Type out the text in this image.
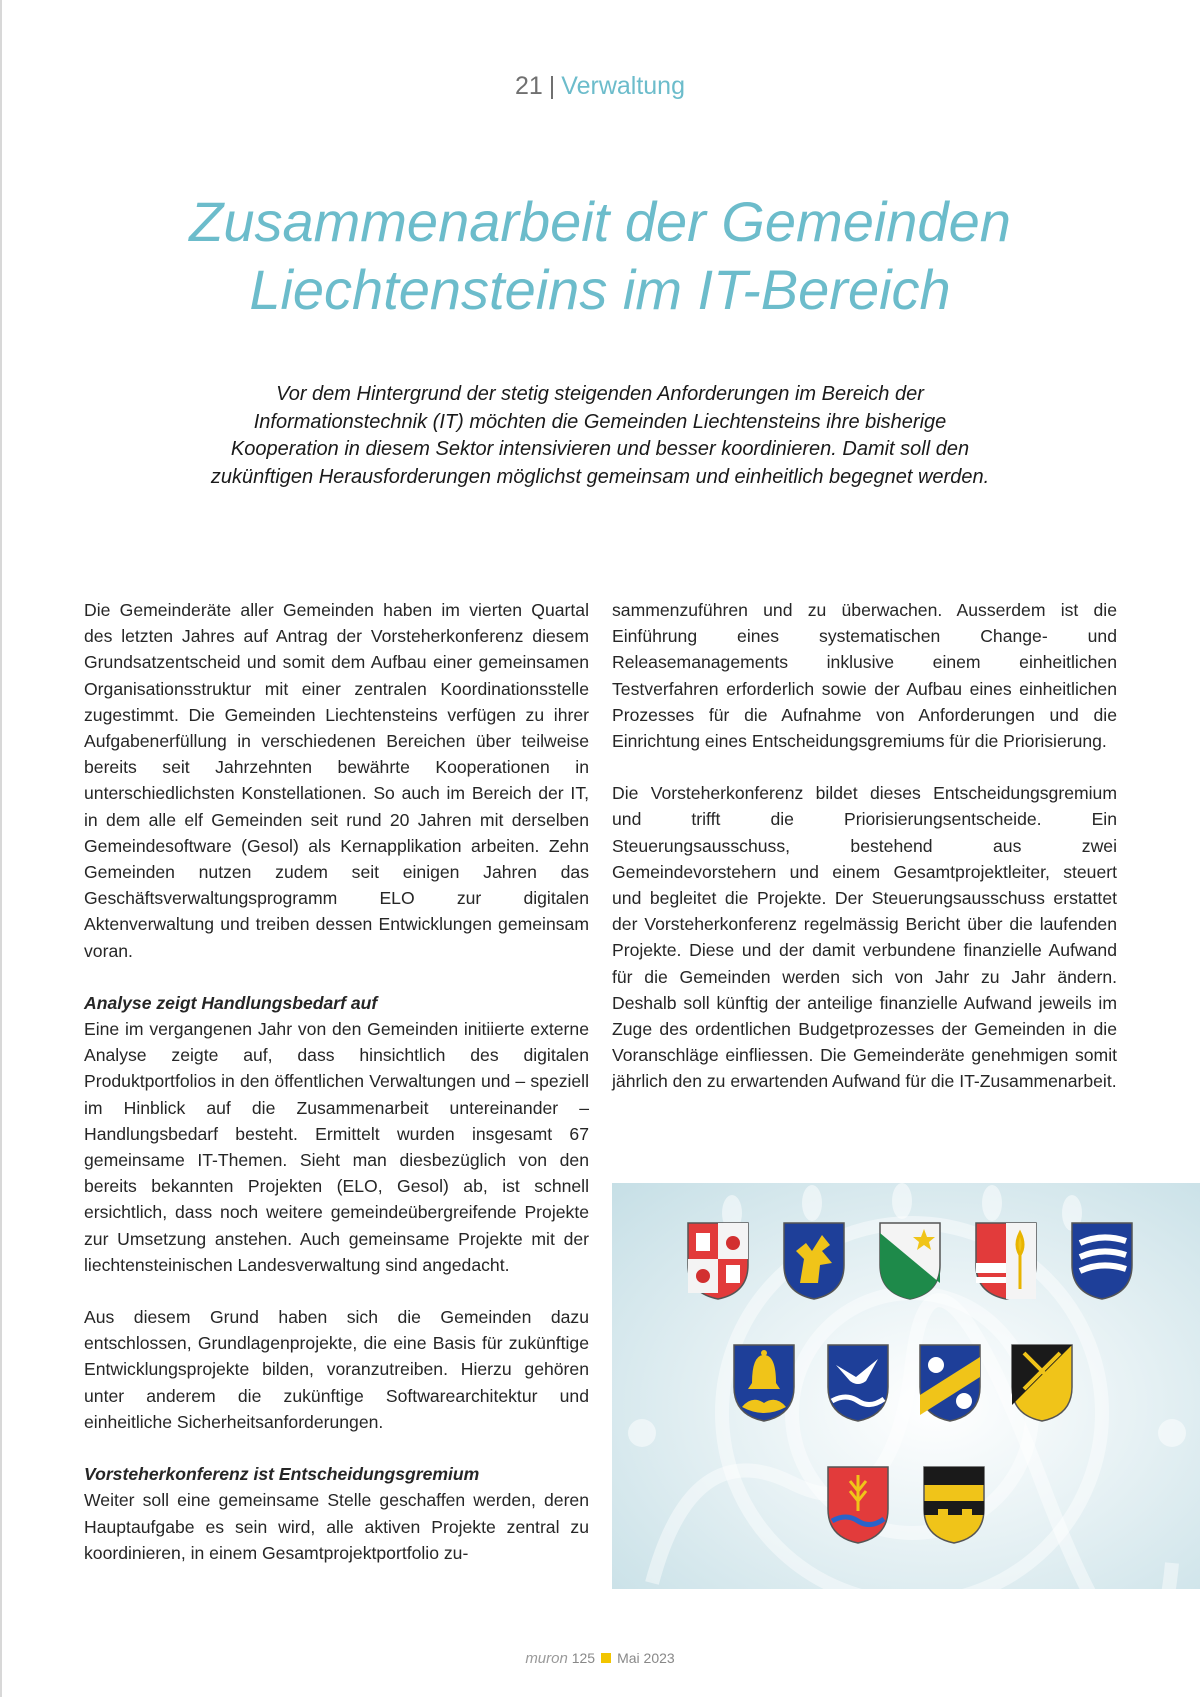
21 | Verwaltung
Zusammenarbeit der Gemeinden
Liechtensteins im IT-Bereich
Vor dem Hintergrund der stetig steigenden Anforderungen im Bereich der Informationstechnik (IT) möchten die Gemeinden Liechtensteins ihre bisherige Kooperation in diesem Sektor intensivieren und besser koordinieren. Damit soll den zukünftigen Herausforderungen möglichst gemeinsam und einheitlich begegnet werden.

Die Gemeinderäte aller Gemeinden haben im vierten Quartal des letzten Jahres auf Antrag der Vorsteherkonferenz diesem Grundsatzentscheid und somit dem Aufbau einer gemeinsamen Organisationsstruktur mit einer zentralen Koordinationsstelle zugestimmt. Die Gemeinden Liechtensteins verfügen zu ihrer Aufgabenerfüllung in verschiedenen Bereichen über teilweise bereits seit Jahrzehnten bewährte Kooperationen in unterschiedlichsten Konstellationen. So auch im Bereich der IT, in dem alle elf Gemeinden seit rund 20 Jahren mit derselben Gemeindesoftware (Gesol) als Kernapplikation arbeiten. Zehn Gemeinden nutzen zudem seit einigen Jahren das Geschäftsverwaltungsprogramm ELO zur digitalen Aktenverwaltung und treiben dessen Entwicklungen gemeinsam voran.

Analyse zeigt Handlungsbedarf auf

Eine im vergangenen Jahr von den Gemeinden initiierte externe Analyse zeigte auf, dass hinsichtlich des digitalen Produktportfolios in den öffentlichen Verwaltungen und – speziell im Hinblick auf die Zusammenarbeit untereinander – Handlungsbedarf besteht. Ermittelt wurden insgesamt 67 gemeinsame IT-Themen. Sieht man diesbezüglich von den bereits bekannten Projekten (ELO, Gesol) ab, ist schnell ersichtlich, dass noch weitere gemeindeübergreifende Projekte zur Umsetzung anstehen. Auch gemeinsame Projekte mit der liechtensteinischen Landesverwaltung sind angedacht.

Aus diesem Grund haben sich die Gemeinden dazu entschlossen, Grundlagenprojekte, die eine Basis für zukünftige Entwicklungsprojekte bilden, voranzutreiben. Hierzu gehören unter anderem die zukünftige Softwarearchitektur und einheitliche Sicherheitsanforderungen.

Vorsteherkonferenz ist Entscheidungsgremium

Weiter soll eine gemeinsame Stelle geschaffen werden, deren Hauptaufgabe es sein wird, alle aktiven Projekte zentral zu koordinieren, in einem Gesamtprojektportfolio zu-

sammenzuführen und zu überwachen. Ausserdem ist die Einführung eines systematischen Change- und Releasemanagements inklusive einem einheitlichen Testverfahren erforderlich sowie der Aufbau eines einheitlichen Prozesses für die Aufnahme von Anforderungen und die Einrichtung eines Entscheidungsgremiums für die Priorisierung.

Die Vorsteherkonferenz bildet dieses Entscheidungsgremium und trifft die Priorisierungsentscheide. Ein Steuerungsausschuss, bestehend aus zwei Gemeindevorstehern und einem Gesamtprojektleiter, steuert und begleitet die Projekte. Der Steuerungsausschuss erstattet der Vorsteherkonferenz regelmässig Bericht über die laufenden Projekte. Diese und der damit verbundene finanzielle Aufwand für die Gemeinden werden sich von Jahr zu Jahr ändern. Deshalb soll künftig der anteilige finanzielle Aufwand jeweils im Zuge des ordentlichen Budgetprozesses der Gemeinden in die Voranschläge einfliessen. Die Gemeinderäte genehmigen somit jährlich den zu erwartenden Aufwand für die IT-Zusammenarbeit.

muron 125 Mai 2023
